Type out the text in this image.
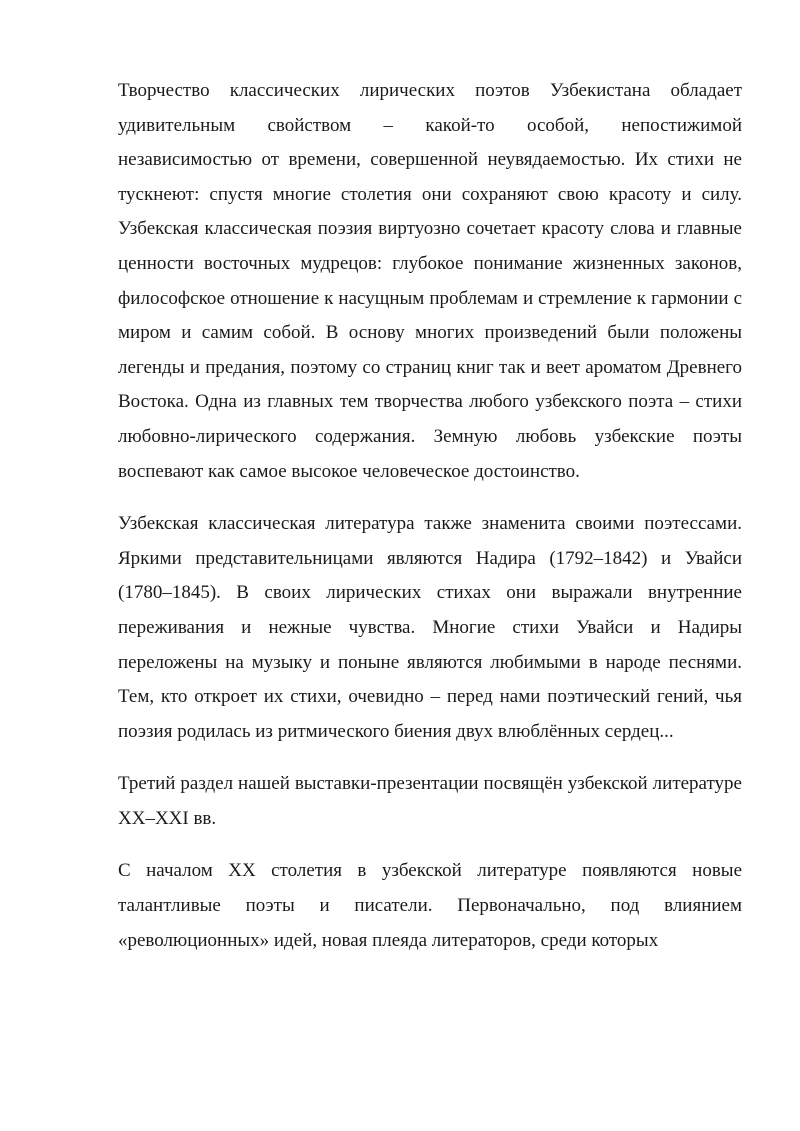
Творчество классических лирических поэтов Узбекистана обладает удивительным свойством – какой-то особой, непостижимой независимостью от времени, совершенной неувядаемостью. Их стихи не тускнеют: спустя многие столетия они сохраняют свою красоту и силу. Узбекская классическая поэзия виртуозно сочетает красоту слова и главные ценности восточных мудрецов: глубокое понимание жизненных законов, философское отношение к насущным проблемам и стремление к гармонии с миром и самим собой. В основу многих произведений были положены легенды и предания, поэтому со страниц книг так и веет ароматом Древнего Востока. Одна из главных тем творчества любого узбекского поэта – стихи любовно-лирического содержания. Земную любовь узбекские поэты воспевают как самое высокое человеческое достоинство.

Узбекская классическая литература также знаменита своими поэтессами. Яркими представительницами являются Надира (1792–1842) и Увайси (1780–1845). В своих лирических стихах они выражали внутренние переживания и нежные чувства. Многие стихи Увайси и Надиры переложены на музыку и поныне являются любимыми в народе песнями. Тем, кто откроет их стихи, очевидно – перед нами поэтический гений, чья поэзия родилась из ритмического биения двух влюблённых сердец...

Третий раздел нашей выставки-презентации посвящён узбекской литературе XX–XXI вв.

С началом XX столетия в узбекской литературе появляются новые талантливые поэты и писатели. Первоначально, под влиянием «революционных» идей, новая плеяда литераторов, среди которых
